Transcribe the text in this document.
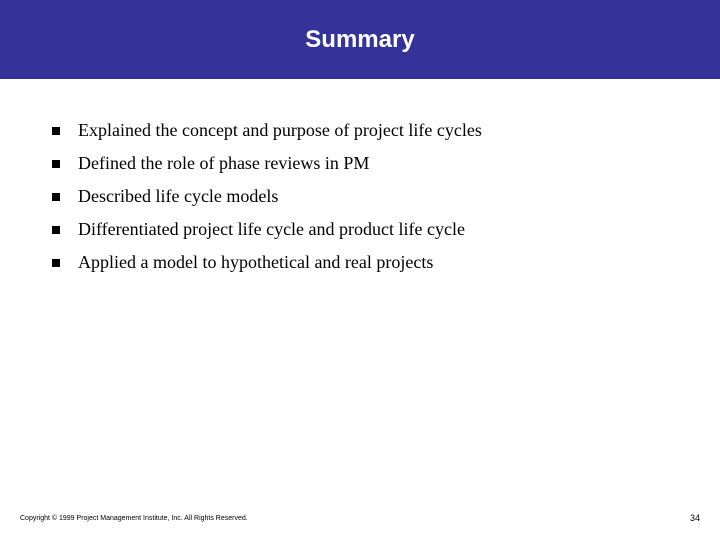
Summary
Explained the concept and purpose of project life cycles
Defined the role of phase reviews in PM
Described life cycle models
Differentiated project life cycle and product life cycle
Applied a model to hypothetical and real projects
Copyright © 1999 Project Management Institute, Inc. All Rights Reserved.	34
